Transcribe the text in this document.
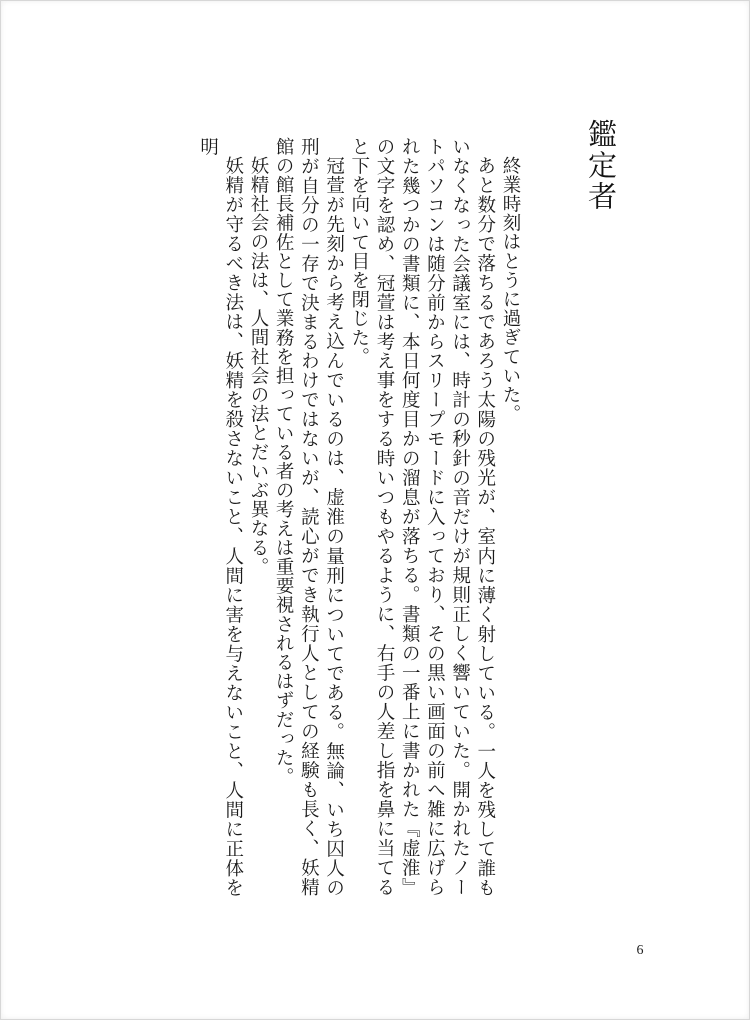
鑑定者

終業時刻はとうに過ぎていた。

あと数分で落ちるであろう太陽の残光が、室内に薄く射している。一人を残して誰もいなくなった会議室には、時計の秒針の音だけが規則正しく響いていた。開かれたノートパソコンは随分前からスリープモードに入っており、その黒い画面の前へ雑に広げられた幾つかの書類に、本日何度目かの溜息が落ちる。書類の一番上に書かれた『虚淮』の文字を認め、冠萱は考え事をする時いつもやるように、右手の人差し指を鼻に当てると下を向いて目を閉じた。

冠萱が先刻から考え込んでいるのは、虚淮の量刑についてである。無論、いち囚人の刑が自分の一存で決まるわけではないが、読心ができ執行人としての経験も長く、妖精館の館長補佐として業務を担っている者の考えは重要視されるはずだった。

妖精社会の法は、人間社会の法とだいぶ異なる。

妖精が守るべき法は、妖精を殺さないこと、人間に害を与えないこと、人間に正体を明

6
